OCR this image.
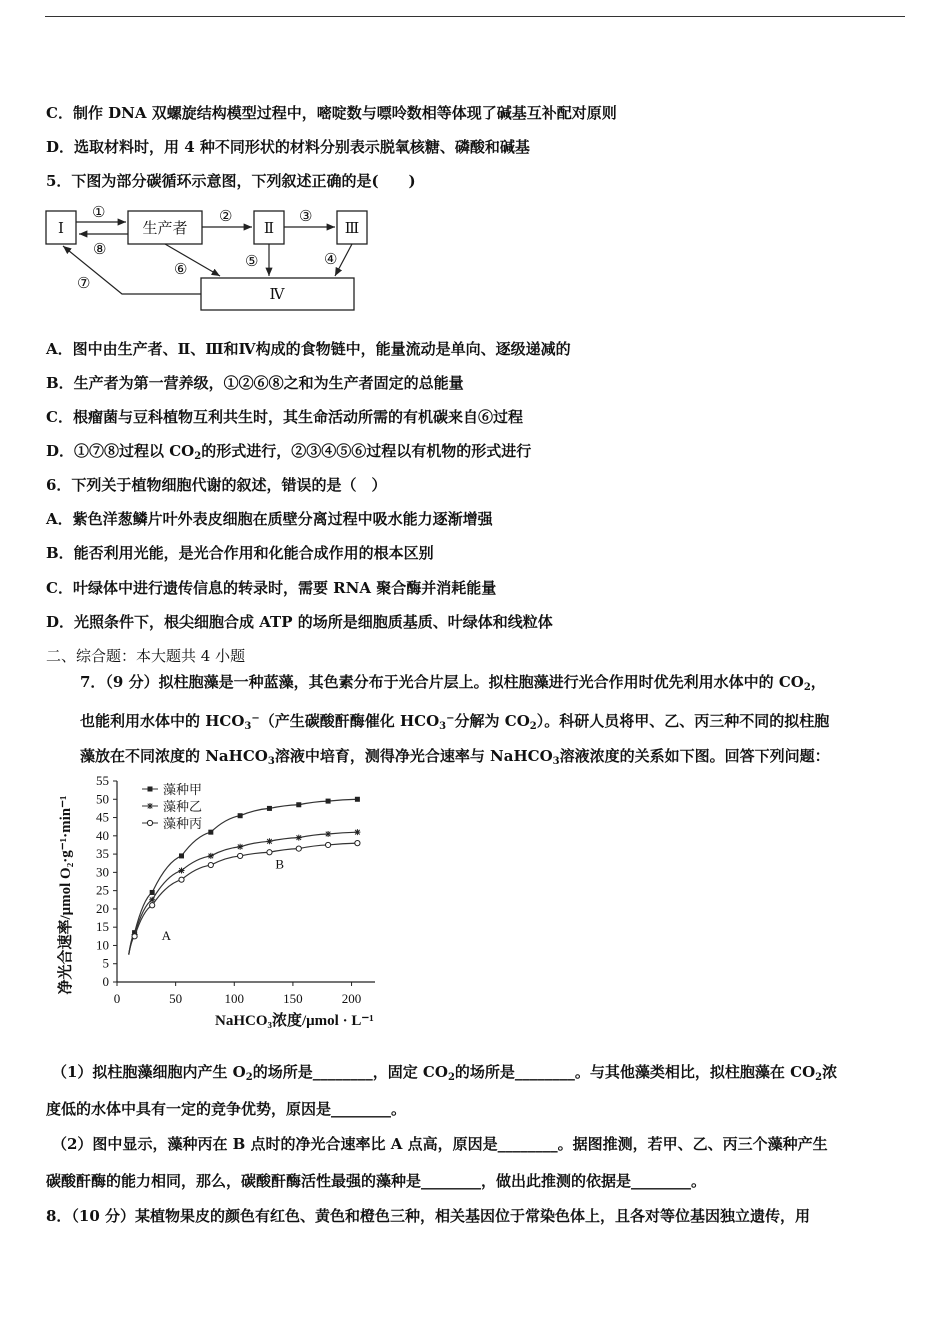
C．制作 DNA 双螺旋结构模型过程中，嘧啶数与嘌呤数相等体现了碱基互补配对原则
D．选取材料时，用 4 种不同形状的材料分别表示脱氧核糖、磷酸和碱基
5．下图为部分碳循环示意图，下列叙述正确的是(　　)
Ⅰ	生产者	Ⅱ	Ⅲ
Ⅳ
①
⑧
②	③
⑤	④
⑥
⑦
A．图中由生产者、Ⅱ、Ⅲ和Ⅳ构成的食物链中，能量流动是单向、逐级递减的
B．生产者为第一营养级，①②⑥⑧之和为生产者固定的总能量
C．根瘤菌与豆科植物互利共生时，其生命活动所需的有机碳来自⑥过程
D．①⑦⑧过程以 $CO_2$的形式进行，②③④⑤⑥过程以有机物的形式进行
6．下列关于植物细胞代谢的叙述，错误的是（　）
A．紫色洋葱鳞片叶外表皮细胞在质壁分离过程中吸水能力逐渐增强
B．能否利用光能，是光合作用和化能合成作用的根本区别
C．叶绿体中进行遗传信息的转录时，需要 RNA 聚合酶并消耗能量
D．光照条件下，根尖细胞合成 ATP 的场所是细胞质基质、叶绿体和线粒体
二、综合题：本大题共 4 小题
7．（9 分）拟柱胞藻是一种蓝藻，其色素分布于光合片层上。拟柱胞藻进行光合作用时优先利用水体中的 $CO_2$，
也能利用水体中的 $HCO_3^-$（产生碳酸酐酶催化 $HCO_3^-$分解为 $CO_2$）。科研人员将甲、乙、丙三种不同的拟柱胞
藻放在不同浓度的 NaHCO$_3$溶液中培育，测得净光合速率与 NaHCO$_3$溶液浓度的关系如下图。回答下列问题：
净光合速率/μmol O₂·g⁻¹·min⁻¹ 0
5
10
15
20
25
30
35
40
45
50
55
0	50	100	150	200
藻种甲
藻种乙
藻种丙
A
B
NaHCO₃浓度/μmol · L⁻¹
（1）拟柱胞藻细胞内产生 $O_2$的场所是________，固定 $CO_2$的场所是________。与其他藻类相比，拟柱胞藻在 $CO_2$浓
度低的水体中具有一定的竞争优势，原因是________。
（2）图中显示，藻种丙在 B 点时的净光合速率比 A 点高，原因是________。据图推测，若甲、乙、丙三个藻种产生
碳酸酐酶的能力相同，那么，碳酸酐酶活性最强的藻种是________，做出此推测的依据是________。
8．（10 分）某植物果皮的颜色有红色、黄色和橙色三种，相关基因位于常染色体上，且各对等位基因独立遗传，用
